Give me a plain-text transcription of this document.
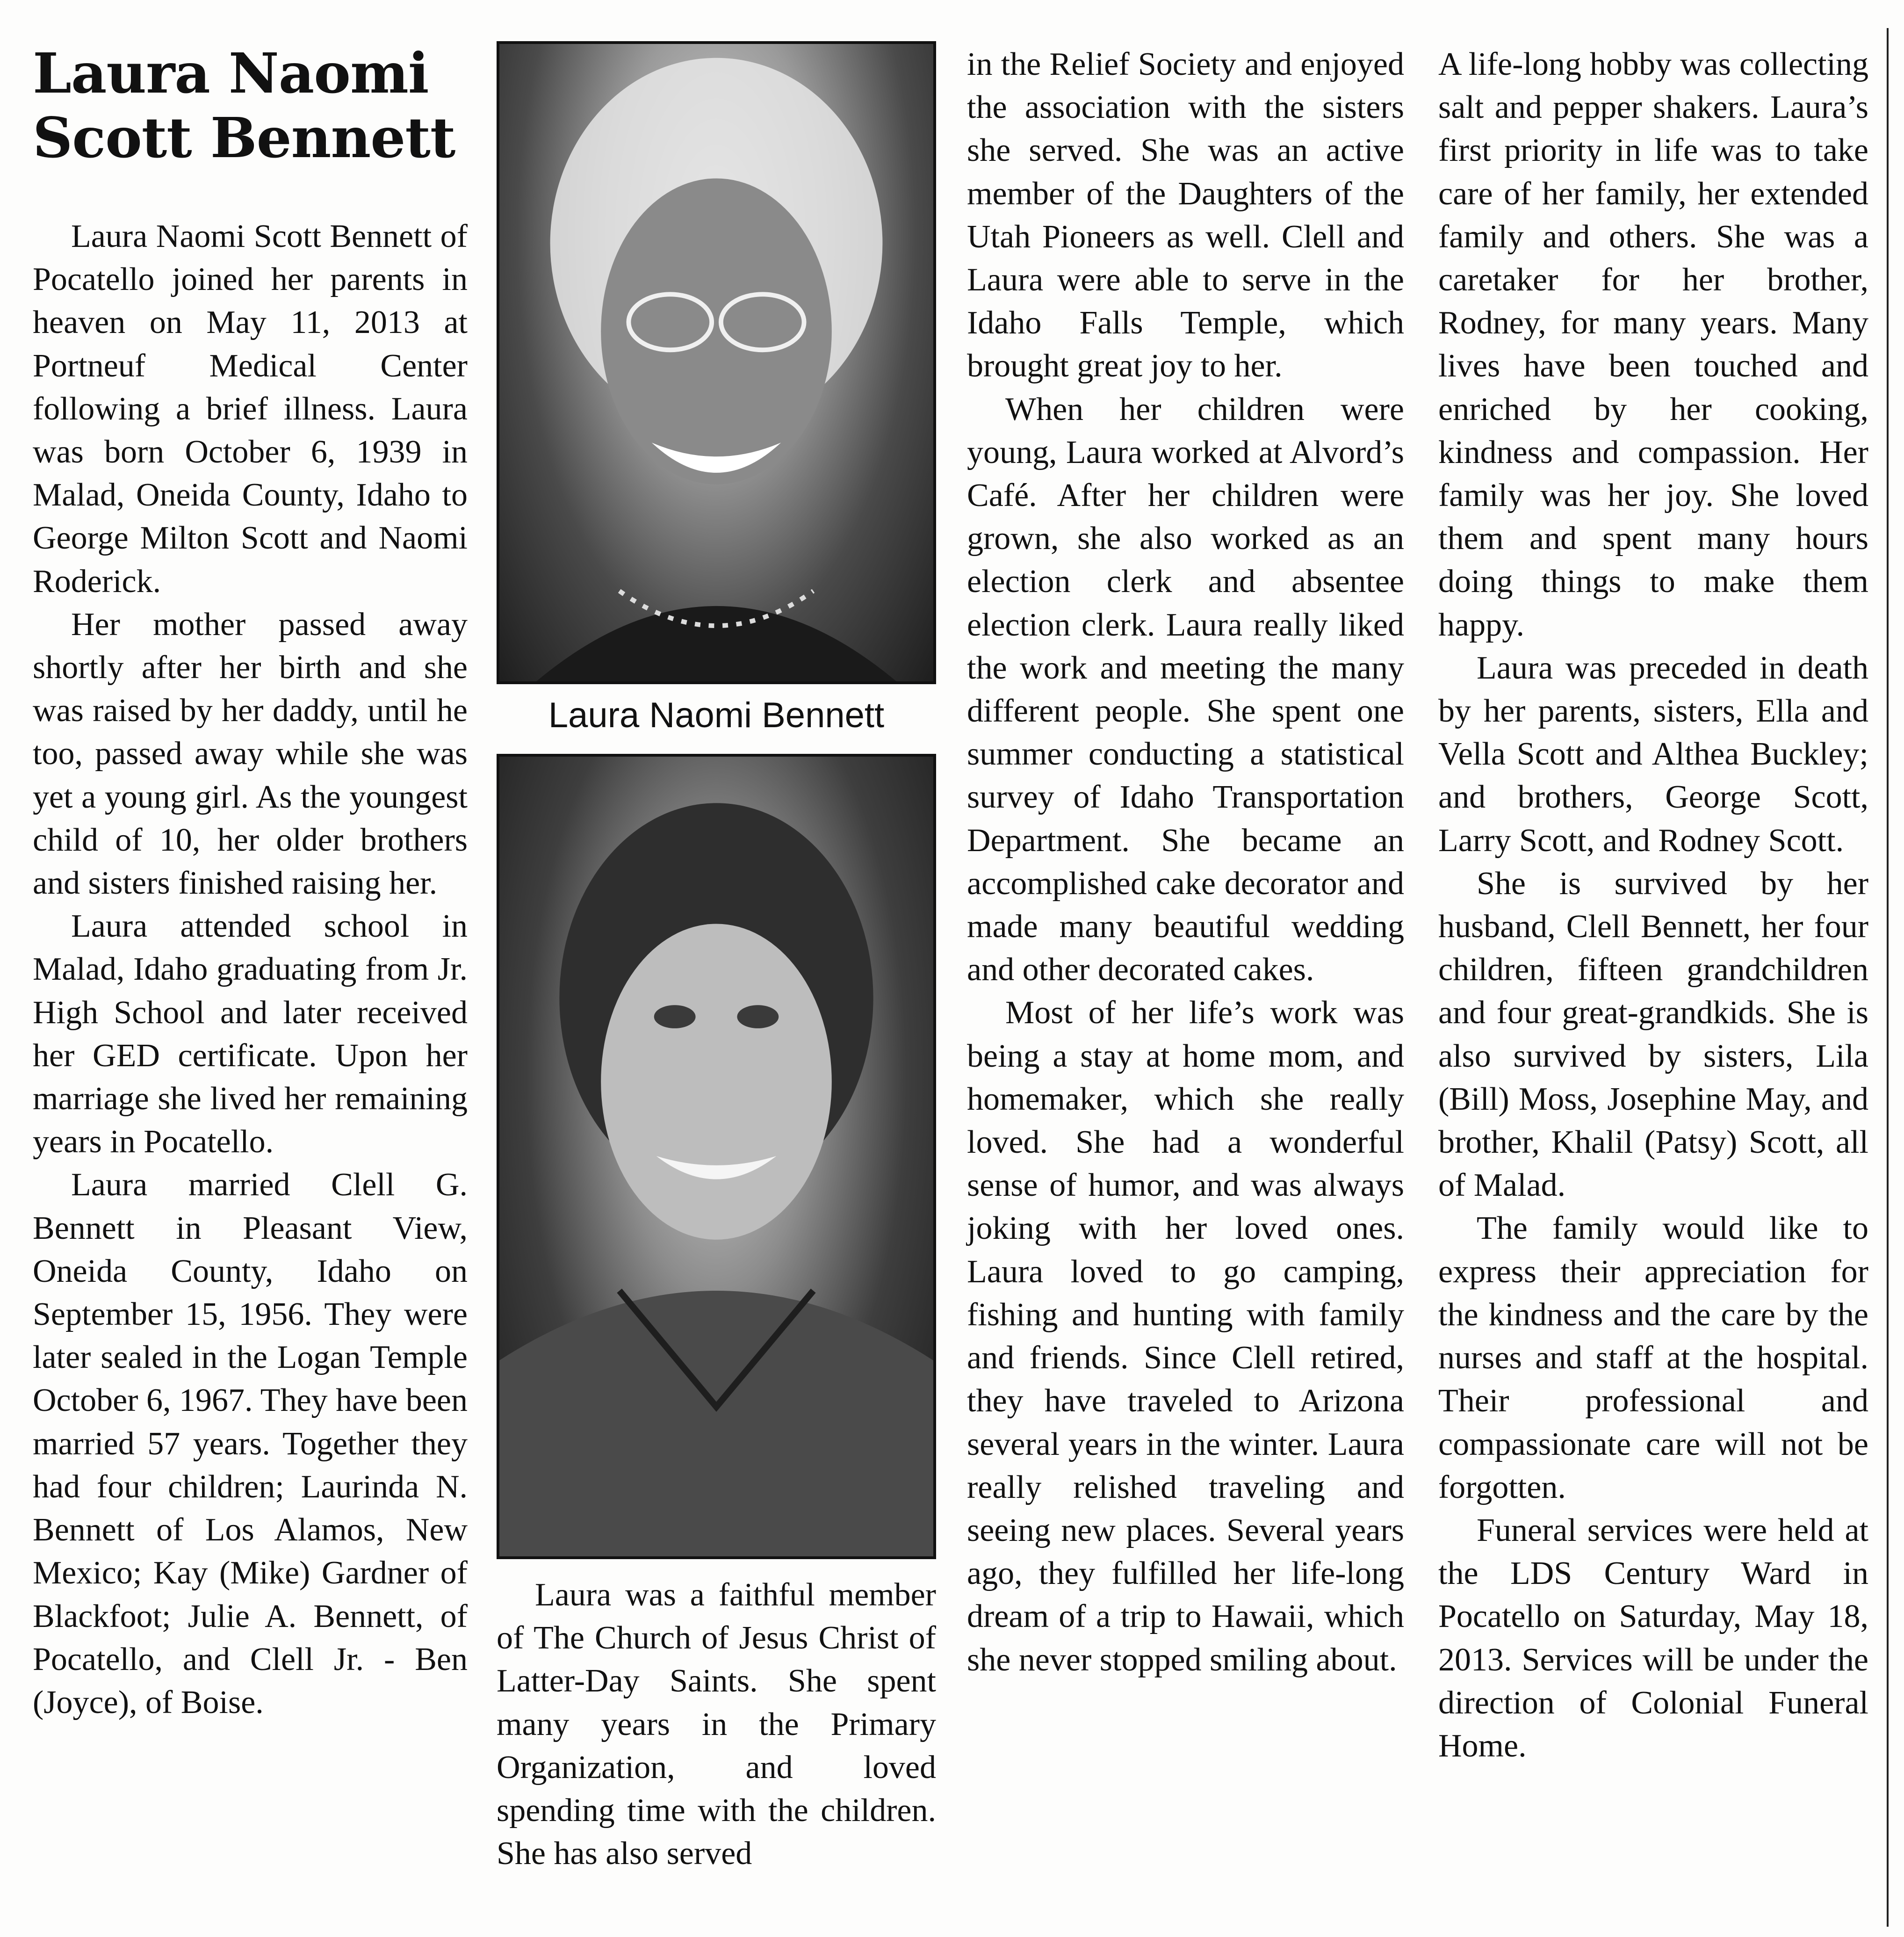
Laura Naomi Scott Bennett

Laura Naomi Scott Bennett of Pocatello joined her parents in heaven on May 11, 2013 at Portneuf Medical Center following a brief illness. Laura was born October 6, 1939 in Malad, Oneida County, Idaho to George Milton Scott and Naomi Roderick.

Her mother passed away shortly after her birth and she was raised by her daddy, until he too, passed away while she was yet a young girl. As the youngest child of 10, her older brothers and sisters finished raising her.

Laura attended school in Malad, Idaho graduating from Jr. High School and later received her GED certificate. Upon her marriage she lived her remaining years in Pocatello.

Laura married Clell G. Bennett in Pleasant View, Oneida County, Idaho on September 15, 1956. They were later sealed in the Logan Temple October 6, 1967. They have been married 57 years. Together they had four children; Laurinda N. Bennett of Los Alamos, New Mexico; Kay (Mike) Gardner of Blackfoot; Julie A. Bennett, of Pocatello, and Clell Jr. - Ben (Joyce), of Boise.

Laura Naomi Bennett

Laura was a faithful member of The Church of Jesus Christ of Latter-Day Saints. She spent many years in the Primary Organization, and loved spending time with the children. She has also served

in the Relief Society and enjoyed the association with the sisters she served. She was an active member of the Daughters of the Utah Pioneers as well. Clell and Laura were able to serve in the Idaho Falls Temple, which brought great joy to her.

When her children were young, Laura worked at Alvord’s Café. After her children were grown, she also worked as an election clerk and absentee election clerk. Laura really liked the work and meeting the many different people. She spent one summer conducting a statistical survey of Idaho Transportation Department. She became an accomplished cake decorator and made many beautiful wedding and other decorated cakes.

Most of her life’s work was being a stay at home mom, and homemaker, which she really loved. She had a wonderful sense of humor, and was always joking with her loved ones. Laura loved to go camping, fishing and hunting with family and friends. Since Clell retired, they have traveled to Arizona several years in the winter. Laura really relished traveling and seeing new places. Several years ago, they fulfilled her life-long dream of a trip to Hawaii, which she never stopped smiling about.

A life-long hobby was collecting salt and pepper shakers. Laura’s first priority in life was to take care of her family, her extended family and others. She was a caretaker for her brother, Rodney, for many years. Many lives have been touched and enriched by her cooking, kindness and compassion. Her family was her joy. She loved them and spent many hours doing things to make them happy.

Laura was preceded in death by her parents, sisters, Ella and Vella Scott and Althea Buckley; and brothers, George Scott, Larry Scott, and Rodney Scott.

She is survived by her husband, Clell Bennett, her four children, fifteen grandchildren and four great-grandkids. She is also survived by sisters, Lila (Bill) Moss, Josephine May, and brother, Khalil (Patsy) Scott, all of Malad.

The family would like to express their appreciation for the kindness and the care by the nurses and staff at the hospital. Their professional and compassionate care will not be forgotten.

Funeral services were held at the LDS Century Ward in Pocatello on Saturday, May 18, 2013. Services will be under the direction of Colonial Funeral Home.
